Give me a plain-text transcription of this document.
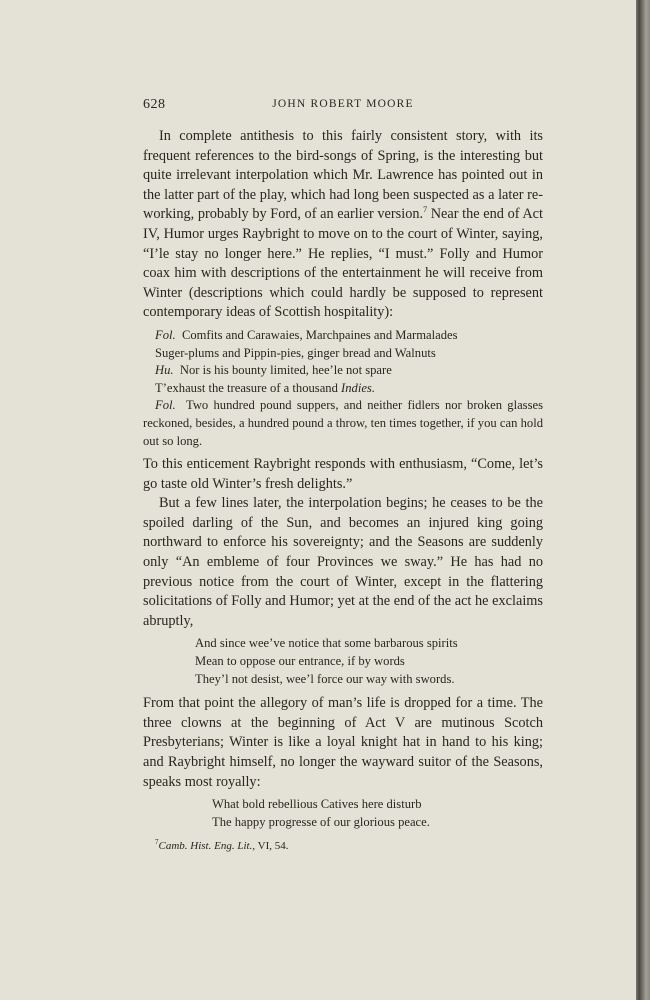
628	JOHN ROBERT MOORE

In complete antithesis to this fairly consistent story, with its frequent references to the bird-songs of Spring, is the interesting but quite irrelevant interpolation which Mr. Lawrence has pointed out in the latter part of the play, which had long been suspected as a later re-working, probably by Ford, of an earlier version.$^7$ Near the end of Act IV, Humor urges Raybright to move on to the court of Winter, saying, “I’le stay no longer here.” He replies, “I must.” Folly and Humor coax him with descriptions of the entertainment he will receive from Winter (descriptions which could hardly be supposed to represent contemporary ideas of Scottish hospitality):

Fol. Comfits and Carawaies, Marchpaines and Marmalades
Suger-plums and Pippin-pies, ginger bread and Walnuts
Hu. Nor is his bounty limited, hee’le not spare
T’exhaust the treasure of a thousand Indies.
Fol. Two hundred pound suppers, and neither fidlers nor broken glasses reckoned, besides, a hundred pound a throw, ten times together, if you can hold out so long.

To this enticement Raybright responds with enthusiasm, “Come, let’s go taste old Winter’s fresh delights.”

But a few lines later, the interpolation begins; he ceases to be the spoiled darling of the Sun, and becomes an injured king going northward to enforce his sovereignty; and the Seasons are suddenly only “An embleme of four Provinces we sway.” He has had no previous notice from the court of Winter, except in the flattering solicitations of Folly and Humor; yet at the end of the act he exclaims abruptly,

And since wee’ve notice that some barbarous spirits
Mean to oppose our entrance, if by words
They’l not desist, wee’l force our way with swords.

From that point the allegory of man’s life is dropped for a time. The three clowns at the beginning of Act V are mutinous Scotch Presbyterians; Winter is like a loyal knight hat in hand to his king; and Raybright himself, no longer the wayward suitor of the Seasons, speaks most royally:

What bold rebellious Catives here disturb
The happy progresse of our glorious peace.
$^7$Camb. Hist. Eng. Lit., VI, 54.
